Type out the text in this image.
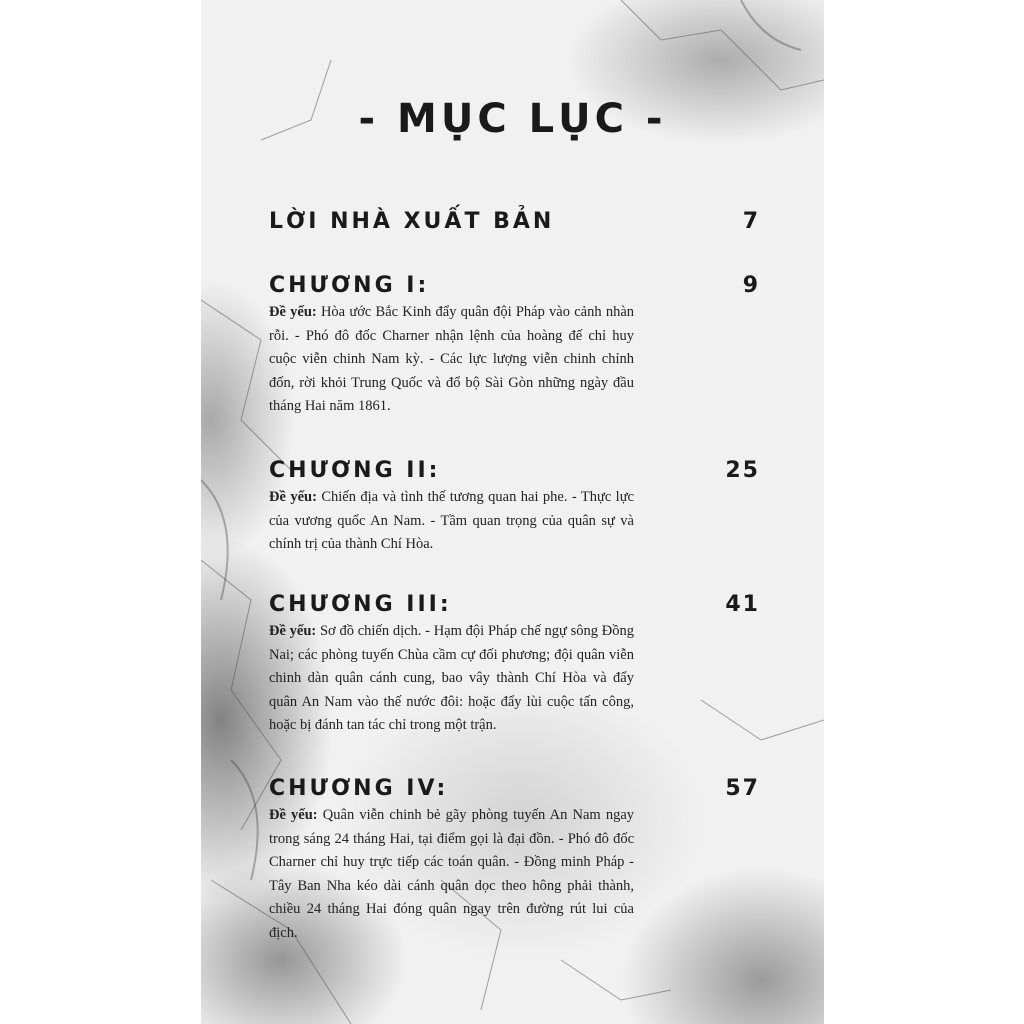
- MỤC LỤC -
LỜI NHÀ XUẤT BẢN	7
CHƯƠNG I:	9
Đề yếu: Hòa ước Bắc Kinh đẩy quân đội Pháp vào cảnh nhàn rỗi. - Phó đô đốc Charner nhận lệnh của hoàng đế chỉ huy cuộc viễn chinh Nam kỳ. - Các lực lượng viễn chinh chỉnh đốn, rời khỏi Trung Quốc và đổ bộ Sài Gòn những ngày đầu tháng Hai năm 1861.
CHƯƠNG II:	25
Đề yếu: Chiến địa và tình thế tương quan hai phe. - Thực lực của vương quốc An Nam. - Tầm quan trọng của quân sự và chính trị của thành Chí Hòa.
CHƯƠNG III:	41
Đề yếu: Sơ đồ chiến dịch. - Hạm đội Pháp chế ngự sông Đồng Nai; các phòng tuyến Chùa cầm cự đối phương; đội quân viễn chinh dàn quân cánh cung, bao vây thành Chí Hòa và đẩy quân An Nam vào thế nước đôi: hoặc đẩy lùi cuộc tấn công, hoặc bị đánh tan tác chỉ trong một trận.
CHƯƠNG IV:	57
Đề yếu: Quân viễn chinh bẻ gãy phòng tuyến An Nam ngay trong sáng 24 tháng Hai, tại điểm gọi là đại đồn. - Phó đô đốc Charner chỉ huy trực tiếp các toán quân. - Đồng minh Pháp - Tây Ban Nha kéo dài cánh quân dọc theo hông phải thành, chiều 24 tháng Hai đóng quân ngay trên đường rút lui của địch.
